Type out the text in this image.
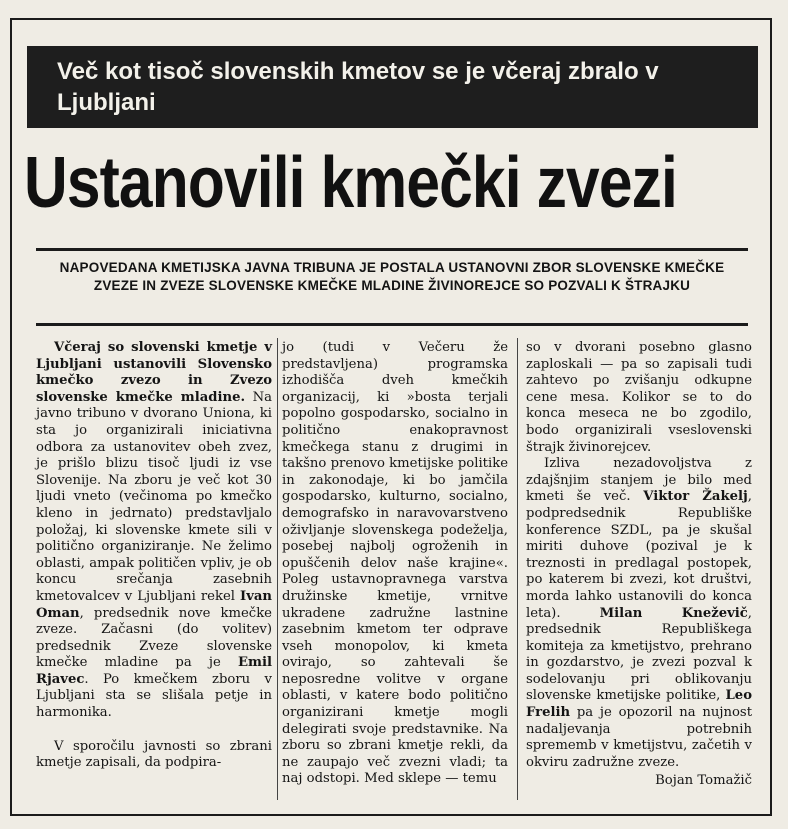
Več kot tisoč slovenskih kmetov se je včeraj zbralo v Ljubljani
Ustanovili kmečki zvezi
NAPOVEDANA KMETIJSKA JAVNA TRIBUNA JE POSTALA USTANOVNI ZBOR SLOVENSKE KMEČKE ZVEZE IN ZVEZE SLOVENSKE KMEČKE MLADINE ŽIVINOREJCE SO POZVALI K ŠTRAJKU

Včeraj so slovenski kmetje v Ljubljani ustanovili Slovensko kmečko zvezo in Zvezo slovenske kmečke mladine. Na javno tribuno v dvorano Uniona, ki sta jo organizirali iniciativna odbora za ustanovitev obeh zvez, je prišlo blizu tisoč ljudi iz vse Slovenije. Na zboru je več kot 30 ljudi vneto (večinoma po kmečko kleno in jedrnato) predstavljalo položaj, ki slovenske kmete sili v politično organiziranje. Ne želimo oblasti, ampak političen vpliv, je ob koncu srečanja zasebnih kmetovalcev v Ljubljani rekel Ivan Oman, predsednik nove kmečke zveze. Začasni (do volitev) predsednik Zveze slovenske kmečke mladine pa je Emil Rjavec. Po kmečkem zboru v Ljubljani sta se slišala petje in harmonika.

V sporočilu javnosti so zbrani kmetje zapisali, da podpira-

jo (tudi v Večeru že predstavljena) programska izhodišča dveh kmečkih organizacij, ki »bosta terjali popolno gospodarsko, socialno in politično enakopravnost kmečkega stanu z drugimi in takšno prenovo kmetijske politike in zakonodaje, ki bo jamčila gospodarsko, kulturno, socialno, demografsko in naravovarstveno oživljanje slovenskega podeželja, posebej najbolj ogroženih in opuščenih delov naše krajine«. Poleg ustavnopravnega varstva družinske kmetije, vrnitve ukradene zadružne lastnine zasebnim kmetom ter odprave vseh monopolov, ki kmeta ovirajo, so zahtevali še neposredne volitve v organe oblasti, v katere bodo politično organizirani kmetje mogli delegirati svoje predstavnike. Na zboru so zbrani kmetje rekli, da ne zaupajo več zvezni vladi; ta naj odstopi. Med sklepe — temu

so v dvorani posebno glasno zaploskali — pa so zapisali tudi zahtevo po zvišanju odkupne cene mesa. Kolikor se to do konca meseca ne bo zgodilo, bodo organizirali vseslovenski štrajk živinorejcev.

Izliva nezadovoljstva z zdajšnjim stanjem je bilo med kmeti še več. Viktor Žakelj, podpredsednik Republiške konference SZDL, pa je skušal miriti duhove (pozival je k treznosti in predlagal postopek, po katerem bi zvezi, kot društvi, morda lahko ustanovili do konca leta). Milan Kneževič, predsednik Republiškega komiteja za kmetijstvo, prehrano in gozdarstvo, je zvezi pozval k sodelovanju pri oblikovanju slovenske kmetijske politike, Leo Frelih pa je opozoril na nujnost nadaljevanja potrebnih sprememb v kmetijstvu, začetih v okviru zadružne zveze.

Bojan Tomažič
